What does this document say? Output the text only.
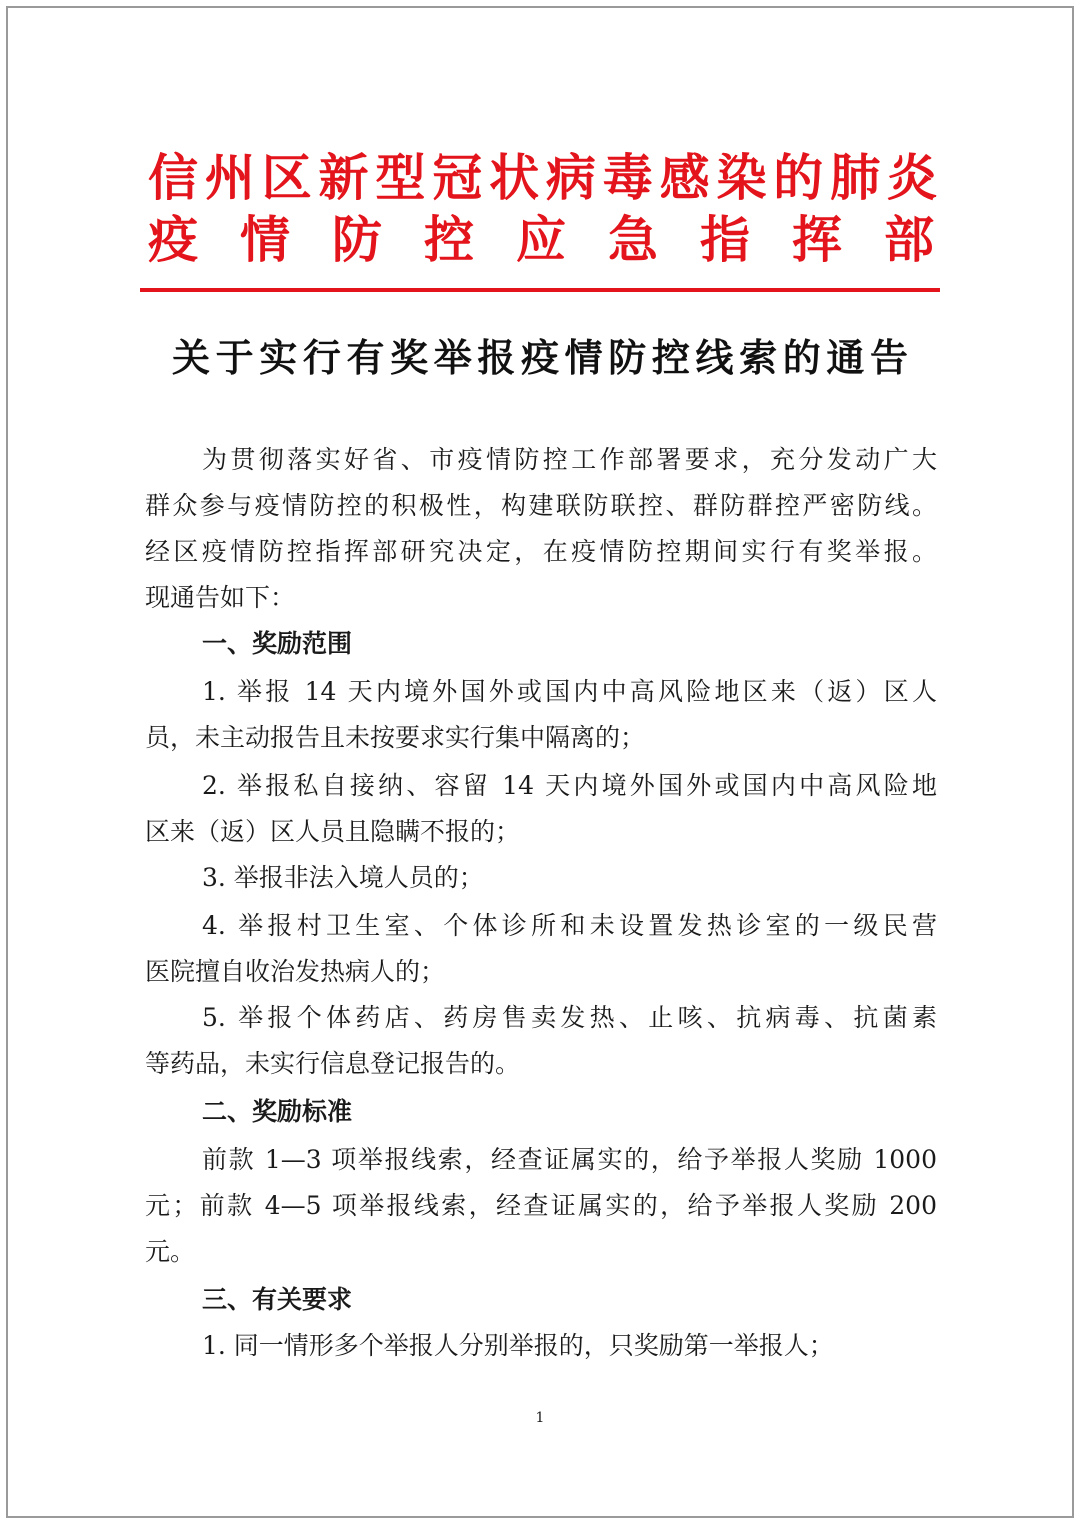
信州区新型冠状病毒感染的肺炎
疫情防控应急指挥部
关于实行有奖举报疫情防控线索的通告
为贯彻落实好省、市疫情防控工作部署要求，充分发动广大
群众参与疫情防控的积极性，构建联防联控、群防群控严密防线。
经区疫情防控指挥部研究决定，在疫情防控期间实行有奖举报。
现通告如下：
一、奖励范围
1. 举报 14 天内境外国外或国内中高风险地区来（返）区人
员，未主动报告且未按要求实行集中隔离的；
2. 举报私自接纳、容留 14 天内境外国外或国内中高风险地
区来（返）区人员且隐瞒不报的；
3. 举报非法入境人员的；
4. 举报村卫生室、个体诊所和未设置发热诊室的一级民营
医院擅自收治发热病人的；
5. 举报个体药店、药房售卖发热、止咳、抗病毒、抗菌素
等药品，未实行信息登记报告的。
二、奖励标准
前款 1—3 项举报线索，经查证属实的，给予举报人奖励 1000
元；前款 4—5 项举报线索，经查证属实的，给予举报人奖励 200
元。
三、有关要求
1. 同一情形多个举报人分别举报的，只奖励第一举报人；
1
